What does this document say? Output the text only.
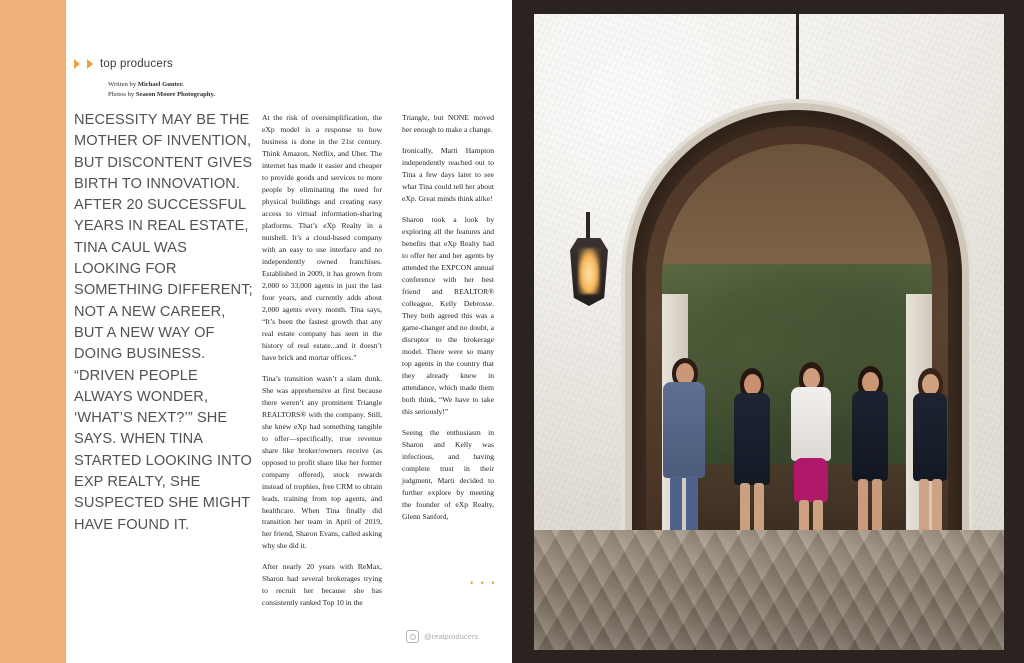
top producers
Written by Michael Gunter.
Photos by Season Moore Photography.
NECESSITY MAY BE THE MOTHER OF INVENTION, BUT DISCONTENT GIVES BIRTH TO INNOVATION. AFTER 20 SUCCESSFUL YEARS IN REAL ESTATE, TINA CAUL WAS LOOKING FOR SOMETHING DIFFERENT; NOT A NEW CAREER, BUT A NEW WAY OF DOING BUSINESS. “DRIVEN PEOPLE ALWAYS WONDER, ‘WHAT’S NEXT?’” SHE SAYS. WHEN TINA STARTED LOOKING INTO EXP REALTY, SHE SUSPECTED SHE MIGHT HAVE FOUND IT.

At the risk of oversimplification, the eXp model is a response to how business is done in the 21st century. Think Amazon, Netflix, and Uber. The internet has made it easier and cheaper to provide goods and services to more people by eliminating the need for physical buildings and creating easy access to virtual information-sharing platforms. That’s eXp Realty in a nutshell. It’s a cloud-based company with an easy to use interface and no independently owned franchises. Established in 2009, it has grown from 2,000 to 33,000 agents in just the last four years, and currently adds about 2,000 agents every month. Tina says, “It’s been the fastest growth that any real estate company has seen in the history of real estate...and it doesn’t have brick and mortar offices.”

Tina’s transition wasn’t a slam dunk. She was apprehensive at first because there weren’t any prominent Triangle REALTORS® with the company. Still, she knew eXp had something tangible to offer—specifically, true revenue share like broker/owners receive (as opposed to profit share like her former company offered), stock rewards instead of trophies, free CRM to obtain leads, training from top agents, and healthcare. When Tina finally did transition her team in April of 2019, her friend, Sharon Evans, called asking why she did it.

After nearly 20 years with ReMax, Sharon had several brokerages trying to recruit her because she has consistently ranked Top 10 in the

Triangle, but NONE moved her enough to make a change.

Ironically, Marti Hampton independently reached out to Tina a few days later to see what Tina could tell her about eXp. Great minds think alike!

Sharon took a look by exploring all the features and benefits that eXp Realty had to offer her and her agents by attended the EXPCON annual conference with her best friend and REALTOR® colleague, Kelly Debrosse. They both agreed this was a game-changer and no doubt, a disruptor to the brokerage model. There were so many top agents in the country that they already knew in attendance, which made them both think, “We have to take this seriously!”

Seeing the enthusiasm in Sharon and Kelly was infectious, and having complete trust in their judgment, Marti decided to further explore by meeting the founder of eXp Realty, Glenn Sanford,

• • •
@realproducers
